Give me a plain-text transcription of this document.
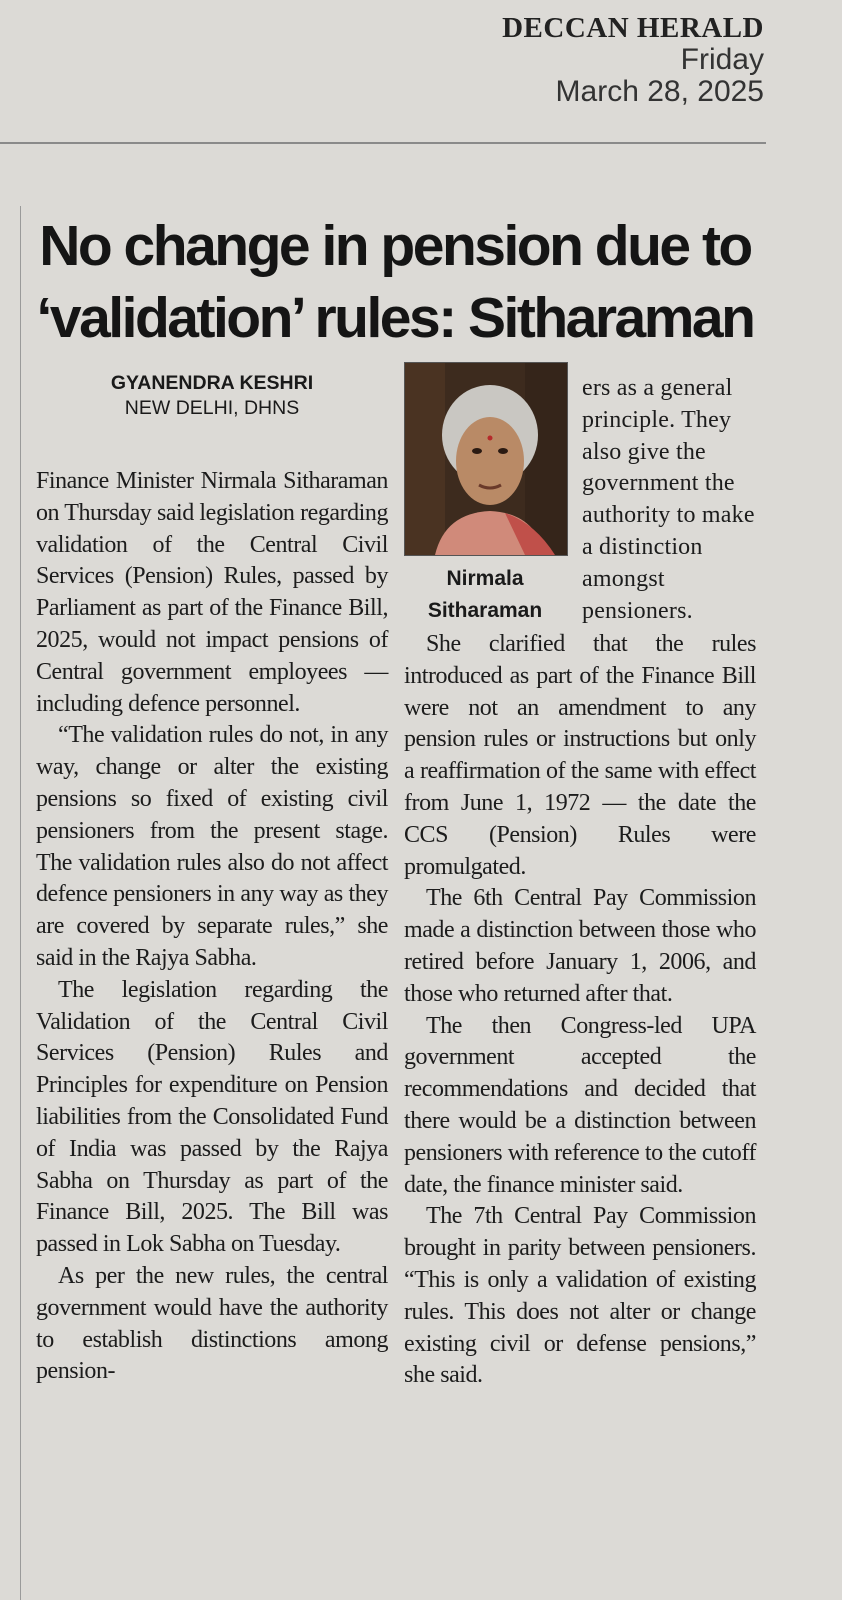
DECCAN HERALD
Friday
March 28, 2025
No change in pension due to
‘validation’ rules: Sitharaman
GYANENDRA KESHRI
NEW DELHI, DHNS
Nirmala
Sitharaman

Finance Minister Nirmala Sitharaman on Thursday said legislation regarding validation of the Central Civil Services (Pension) Rules, passed by Parliament as part of the Finance Bill, 2025, would not impact pensions of Central government employees — including defence personnel.

“The validation rules do not, in any way, change or alter the existing pensions so fixed of existing civil pensioners from the present stage. The validation rules also do not affect defence pensioners in any way as they are covered by separate rules,” she said in the Rajya Sabha.

The legislation regarding the Validation of the Central Civil Services (Pension) Rules and Principles for expenditure on Pension liabilities from the Consolidated Fund of India was passed by the Rajya Sabha on Thursday as part of the Finance Bill, 2025. The Bill was passed in Lok Sabha on Tuesday.

As per the new rules, the central government would have the authority to establish distinctions among pension-

ers as a general principle. They also give the government the authority to make a distinction amongst pensioners.

She clarified that the rules introduced as part of the Finance Bill were not an amendment to any pension rules or instructions but only a reaffirmation of the same with effect from June 1, 1972 — the date the CCS (Pension) Rules were promulgated.

The 6th Central Pay Commission made a distinction between those who retired before January 1, 2006, and those who returned after that.

The then Congress-led UPA government accepted the recommendations and decided that there would be a distinction between pensioners with reference to the cutoff date, the finance minister said.

The 7th Central Pay Commission brought in parity between pensioners. “This is only a validation of existing rules. This does not alter or change existing civil or defense pensions,” she said.
